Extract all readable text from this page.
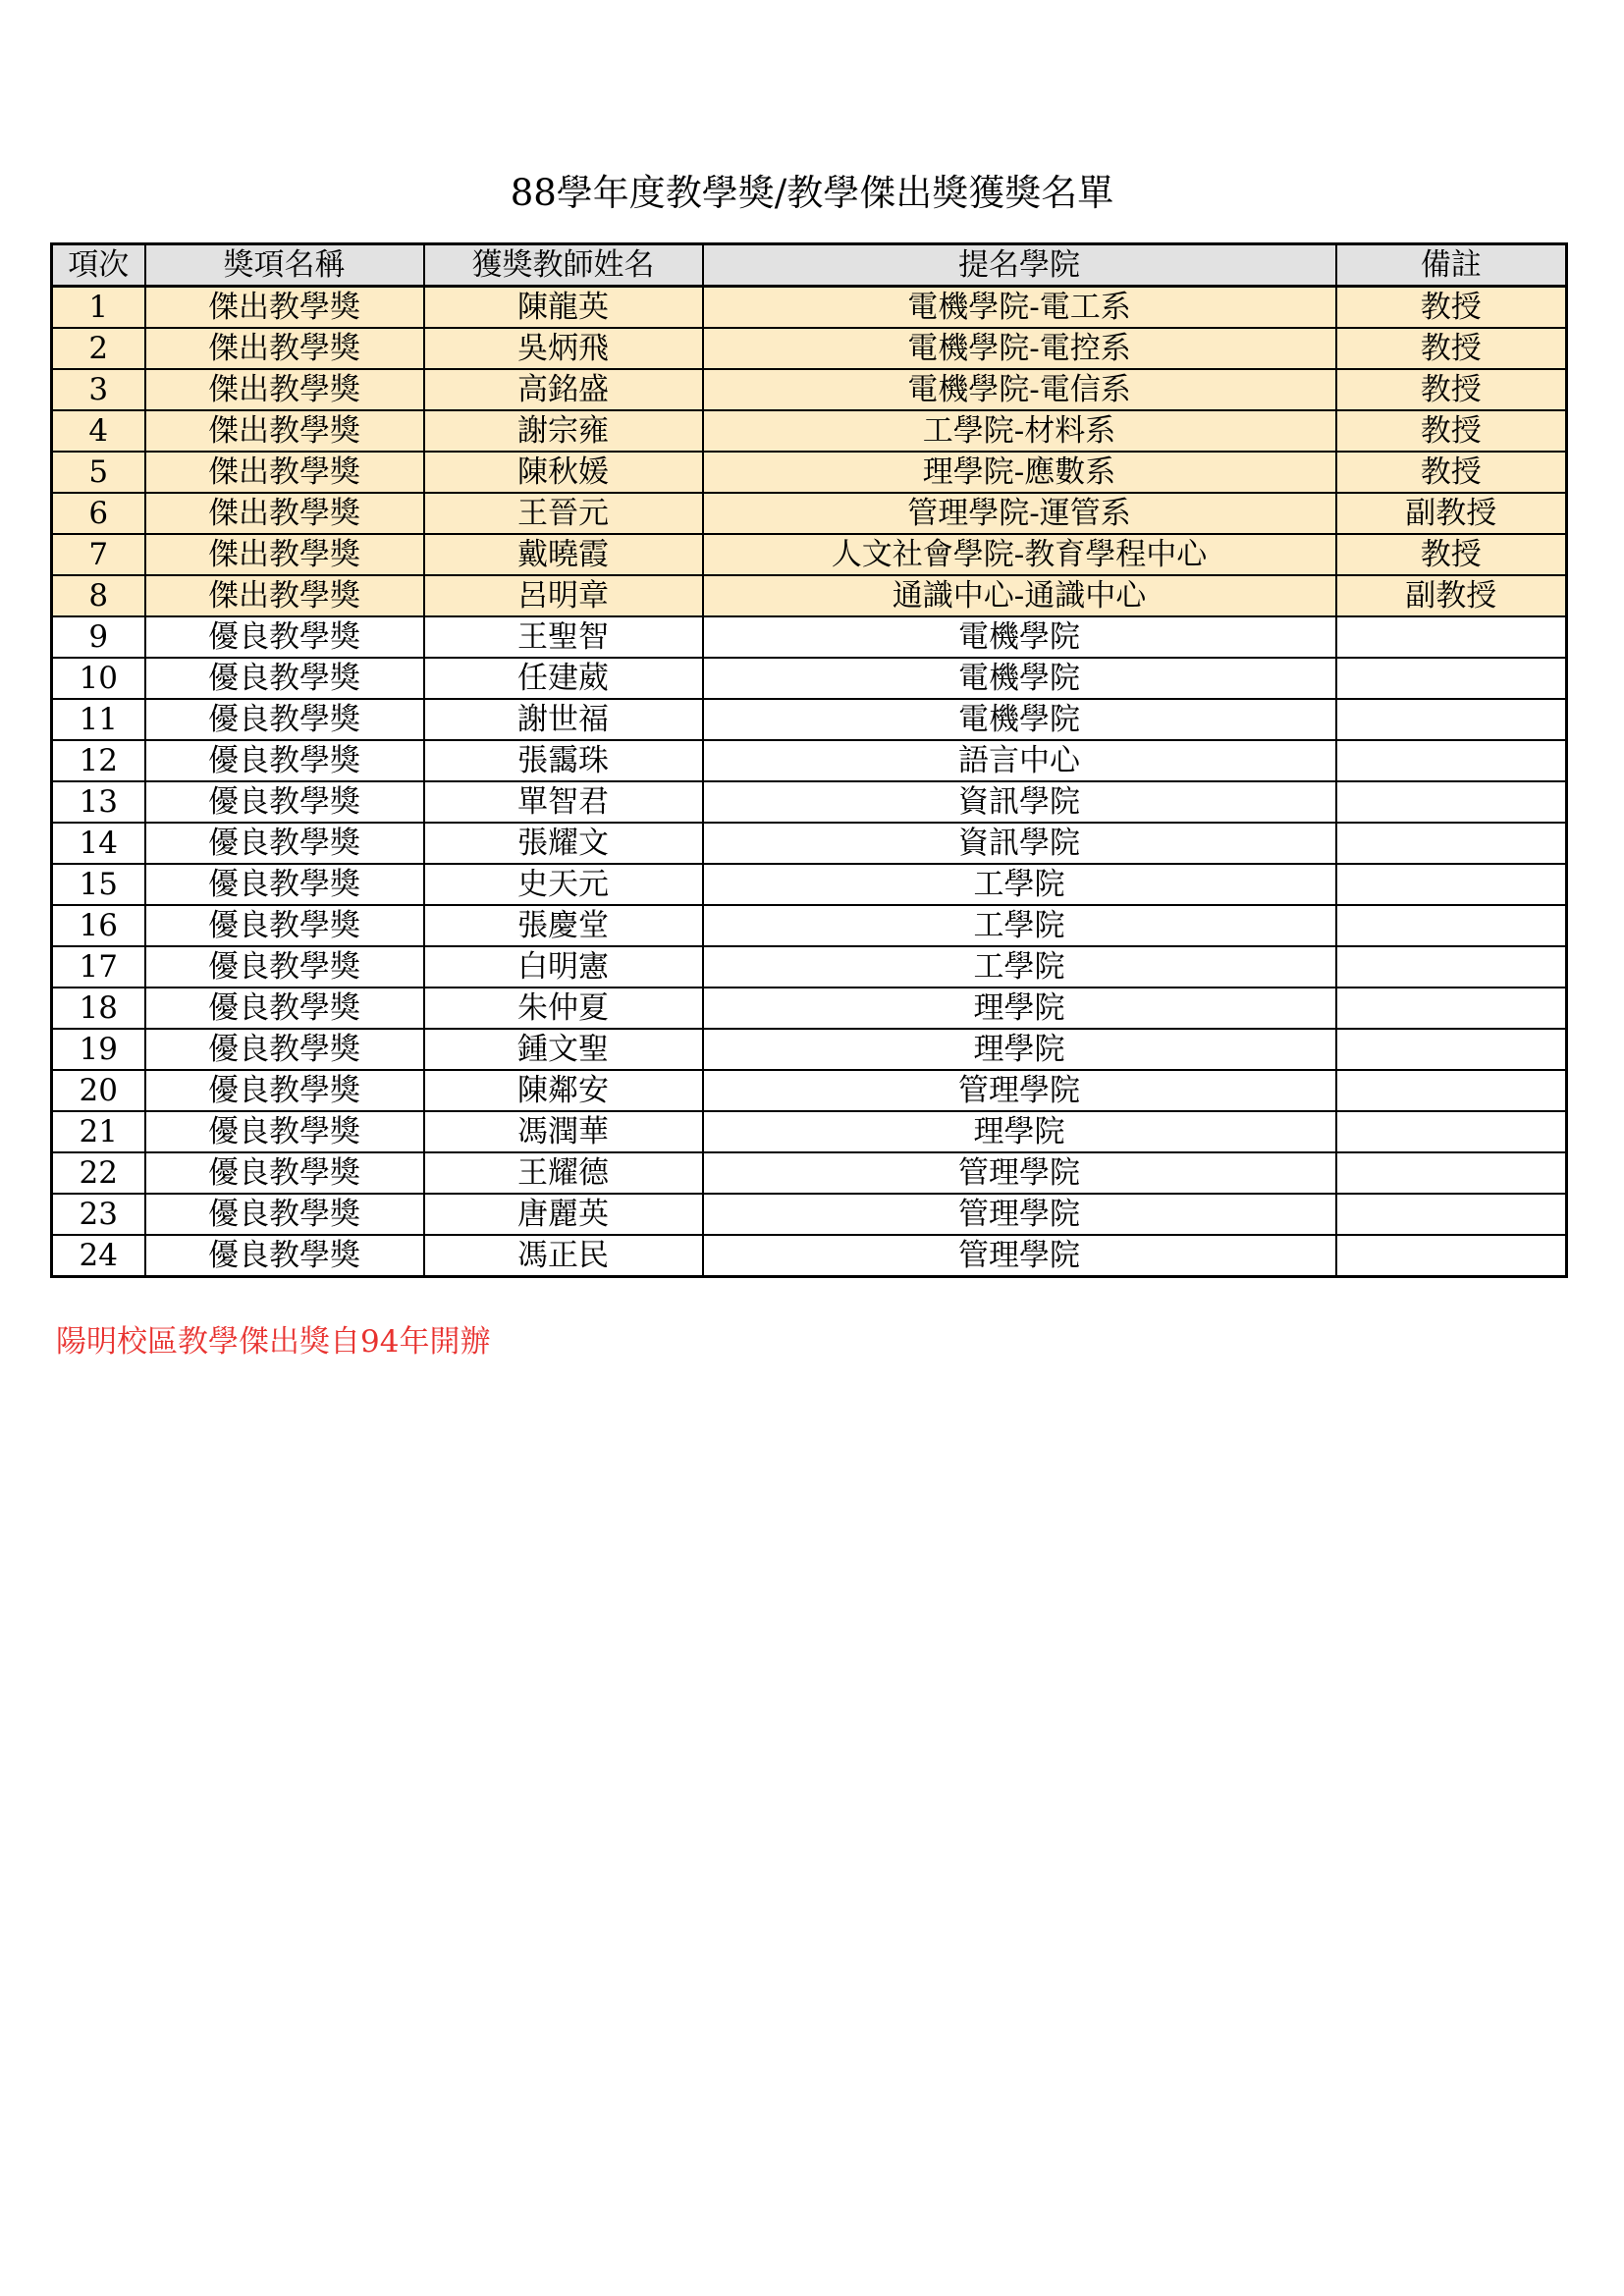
88學年度教學獎/教學傑出獎獲獎名單
項次	獎項名稱	獲獎教師姓名	提名學院	備註
1	傑出教學獎	陳龍英	電機學院-電工系	教授
2	傑出教學獎	吳炳飛	電機學院-電控系	教授
3	傑出教學獎	高銘盛	電機學院-電信系	教授
4	傑出教學獎	謝宗雍	工學院-材料系	教授
5	傑出教學獎	陳秋媛	理學院-應數系	教授
6	傑出教學獎	王晉元	管理學院-運管系	副教授
7	傑出教學獎	戴曉霞	人文社會學院-教育學程中心	教授
8	傑出教學獎	呂明章	通識中心-通識中心	副教授
9	優良教學獎	王聖智	電機學院	
10	優良教學獎	任建葳	電機學院	
11	優良教學獎	謝世福	電機學院	
12	優良教學獎	張靄珠	語言中心	
13	優良教學獎	單智君	資訊學院	
14	優良教學獎	張耀文	資訊學院	
15	優良教學獎	史天元	工學院	
16	優良教學獎	張慶堂	工學院	
17	優良教學獎	白明憲	工學院	
18	優良教學獎	朱仲夏	理學院	
19	優良教學獎	鍾文聖	理學院	
20	優良教學獎	陳鄰安	管理學院	
21	優良教學獎	馮潤華	理學院	
22	優良教學獎	王耀德	管理學院	
23	優良教學獎	唐麗英	管理學院	
24	優良教學獎	馮正民	管理學院	
陽明校區教學傑出獎自94年開辦
